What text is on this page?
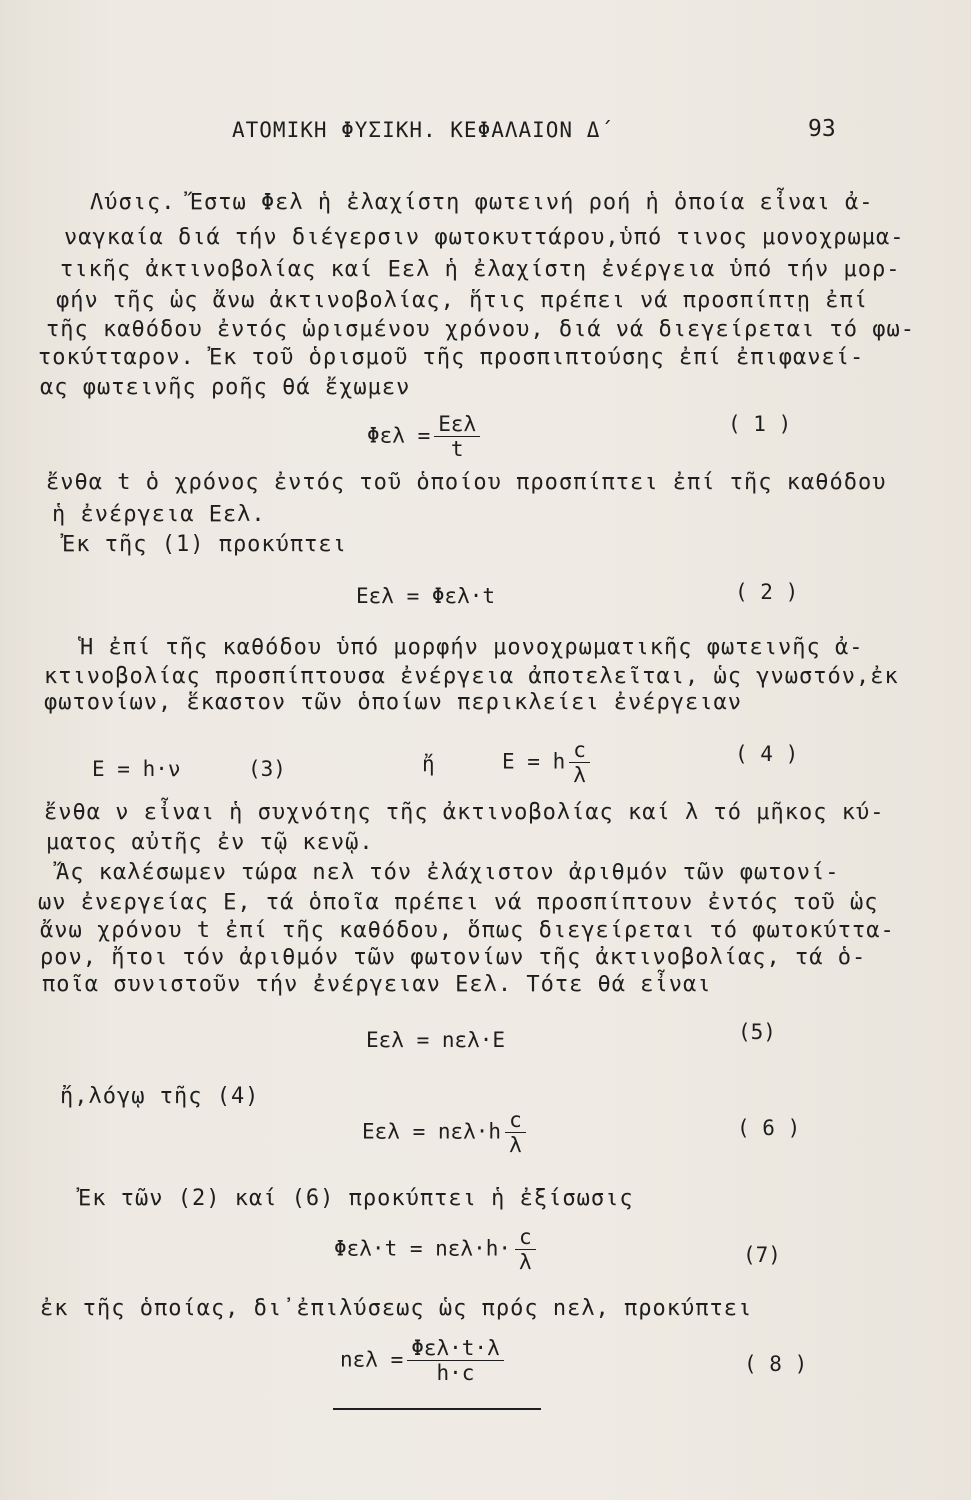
ΑΤΟΜΙΚΗ ΦΥΣΙΚΗ. ΚΕΦΑΛΑΙΟΝ Δ΄	93
Λύσις. Ἔστω Φελ ἡ ἐλαχίστη φωτεινή ροή ἡ ὁποία εἶναι ἀ-
ναγκαία διά τήν διέγερσιν φωτοκυττάρου,ὑπό τινος μονοχρωμα-
τικῆς ἀκτινοβολίας καί Εελ ἡ ἐλαχίστη ἐνέργεια ὑπό τήν μορ-
φήν τῆς ὡς ἄνω ἀκτινοβολίας, ἥτις πρέπει νά προσπίπτῃ ἐπί
τῆς καθόδου ἐντός ὡρισμένου χρόνου, διά νά διεγείρεται τό φω-
τοκύτταρον. Ἐκ τοῦ ὁρισμοῦ τῆς προσπιπτούσης ἐπί ἐπιφανεί-
ας φωτεινῆς ροῆς θά ἔχωμεν
$\Phi\varepsilon\lambda = \frac{\text{Εελ}}{t}$	( 1 )
ἔνθα t ὁ χρόνος ἐντός τοῦ ὁποίου προσπίπτει ἐπί τῆς καθόδου
ἡ ἐνέργεια Εελ.
Ἐκ τῆς (1) προκύπτει
Εελ = Φελ·t	( 2 )
Ἡ ἐπί τῆς καθόδου ὑπό μορφήν μονοχρωματικῆς φωτεινῆς ἀ-
κτινοβολίας προσπίπτουσα ἐνέργεια ἀποτελεῖται, ὡς γνωστόν,ἐκ
φωτονίων, ἕκαστον τῶν ὁποίων περικλείει ἐνέργειαν
E = h·ν	(3)	ἤ	E = h $\frac{c}{\lambda}$	( 4 )
ἔνθα ν εἶναι ἡ συχνότης τῆς ἀκτινοβολίας καί λ τό μῆκος κύ-
ματος αὐτῆς ἐν τῷ κενῷ.
Ἄς καλέσωμεν τώρα nελ τόν ἐλάχιστον ἀριθμόν τῶν φωτονί-
ων ἐνεργείας Ε, τά ὁποῖα πρέπει νά προσπίπτουν ἐντός τοῦ ὡς
ἄνω χρόνου t ἐπί τῆς καθόδου, ὅπως διεγείρεται τό φωτοκύττα-
ρον, ἤτοι τόν ἀριθμόν τῶν φωτονίων τῆς ἀκτινοβολίας, τά ὁ-
ποῖα συνιστοῦν τήν ἐνέργειαν Εελ. Τότε θά εἶναι
Εελ = nελ·E	(5)
ἤ,λόγῳ τῆς (4)
$E\varepsilon\lambda = n\varepsilon\lambda\cdot h \frac{c}{\lambda}$	( 6 )
Ἐκ τῶν (2) καί (6) προκύπτει ἡ ἐξίσωσις
$\Phi\varepsilon\lambda\cdot t = n\varepsilon\lambda\cdot h\cdot \frac{c}{\lambda}$	(7)
ἐκ τῆς ὁποίας, δι᾽ἐπιλύσεως ὡς πρός nελ, προκύπτει
$n\varepsilon\lambda = \frac{\text{Φελ·t·λ}}{h\cdot c}$	( 8 )
